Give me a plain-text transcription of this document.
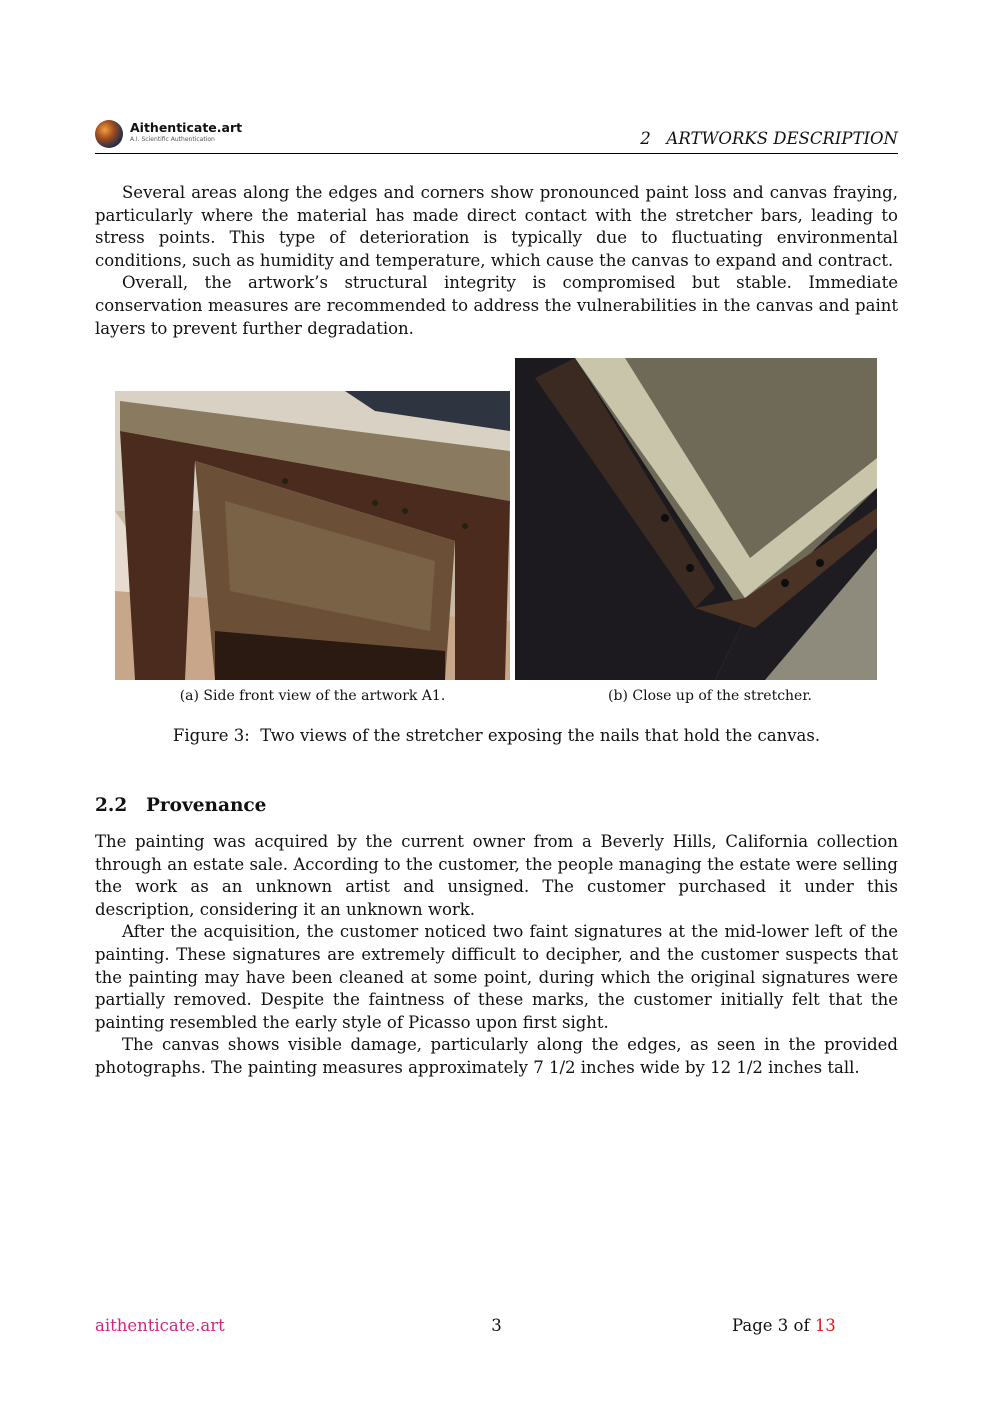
Aithenticate.art
A.I. Scientific Authentication	2   ARTWORKS DESCRIPTION

Several areas along the edges and corners show pronounced paint loss and canvas fraying, particularly where the material has made direct contact with the stretcher bars, leading to stress points. This type of deterioration is typically due to fluctuating environmental conditions, such as humidity and temperature, which cause the canvas to expand and contract.

Overall, the artwork’s structural integrity is compromised but stable. Immediate conservation measures are recommended to address the vulnerabilities in the canvas and paint layers to prevent further degradation.

(a) Side front view of the artwork A1.	(b) Close up of the stretcher.
Figure 3:  Two views of the stretcher exposing the nails that hold the canvas.
2.2 Provenance

The painting was acquired by the current owner from a Beverly Hills, California collection through an estate sale. According to the customer, the people managing the estate were selling the work as an unknown artist and unsigned. The customer purchased it under this description, considering it an unknown work.

After the acquisition, the customer noticed two faint signatures at the mid-lower left of the painting. These signatures are extremely difficult to decipher, and the customer suspects that the painting may have been cleaned at some point, during which the original signatures were partially removed. Despite the faintness of these marks, the customer initially felt that the painting resembled the early style of Picasso upon first sight.

The canvas shows visible damage, particularly along the edges, as seen in the provided photographs. The painting measures approximately 7 1/2 inches wide by 12 1/2 inches tall.

aithenticate.art	3	Page 3 of 13
